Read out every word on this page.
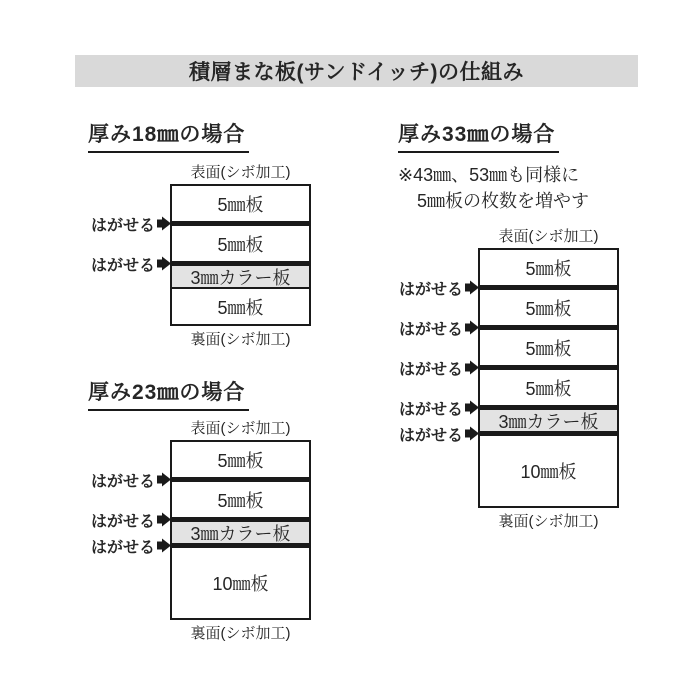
積層まな板(サンドイッチ)の仕組み
厚み18㎜の場合
表面(シボ加工)
5㎜板
5㎜板
3㎜カラー板
5㎜板
はがせる
はがせる
裏面(シボ加工)
厚み23㎜の場合
表面(シボ加工)
5㎜板
5㎜板
3㎜カラー板
10㎜板
はがせる
はがせる
はがせる
裏面(シボ加工)
厚み33㎜の場合
※43㎜、53㎜も同様に
5㎜板の枚数を増やす
表面(シボ加工)
5㎜板
5㎜板
5㎜板
5㎜板
3㎜カラー板
10㎜板
はがせる
はがせる
はがせる
はがせる
はがせる
裏面(シボ加工)
